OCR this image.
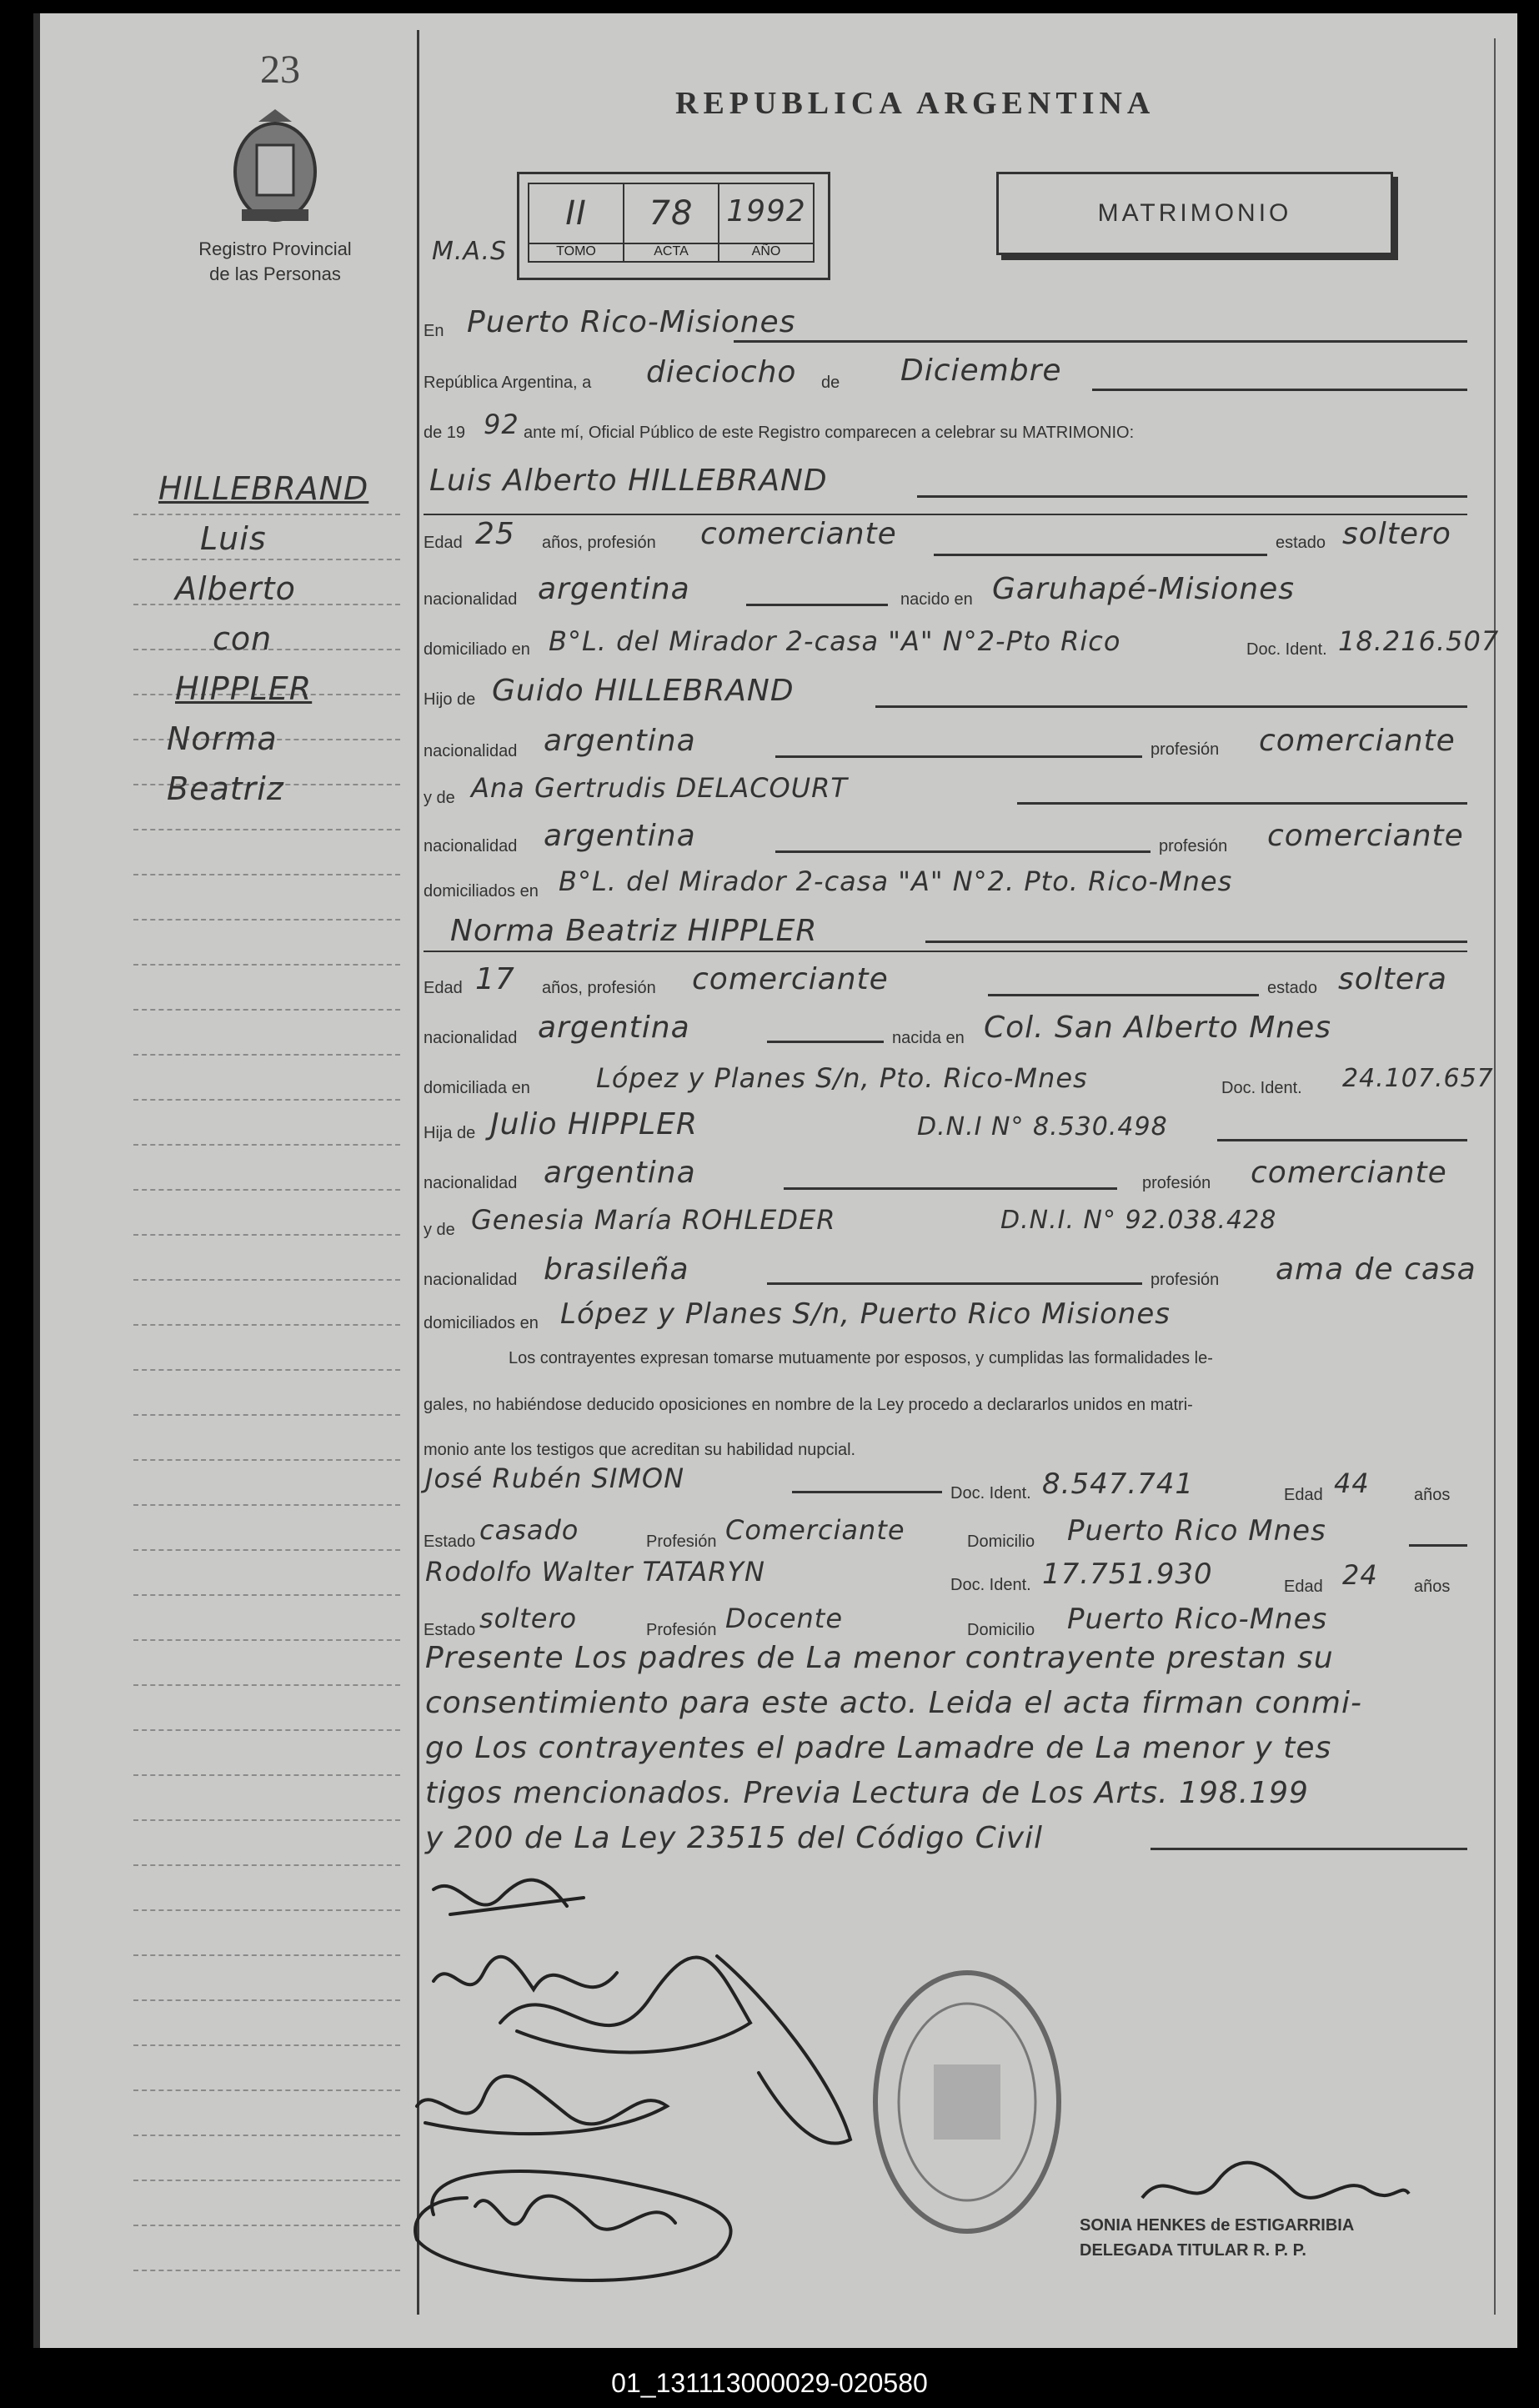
23
Registro Provincial
de las Personas
REPUBLICA ARGENTINA
M.A.S
II
TOMO
78
ACTA
1992
AÑO
MATRIMONIO
HILLEBRAND
Luis
Alberto
con
HIPPLER
Norma
Beatriz
En Puerto Rico-Misiones
República Argentina, a dieciocho de Diciembre
de 19 92 ante mí, Oficial Público de este Registro comparecen a celebrar su MATRIMONIO:
Luis Alberto HILLEBRAND
Edad 25 años, profesión comerciante	estado soltero
nacionalidad argentina	nacido en Garuhapé-Misiones
domiciliado en B°L. del Mirador 2-casa "A" N°2-Pto Rico	Doc. Ident. 18.216.507
Hijo de Guido HILLEBRAND
nacionalidad argentina	profesión comerciante
y de Ana Gertrudis DELACOURT
nacionalidad argentina	profesión comerciante
domiciliados en B°L. del Mirador 2-casa "A" N°2. Pto. Rico-Mnes
Norma Beatriz HIPPLER
Edad 17 años, profesión comerciante	estado soltera
nacionalidad argentina	nacida en Col. San Alberto Mnes
domiciliada en López y Planes S/n, Pto. Rico-Mnes	Doc. Ident. 24.107.657
Hija de Julio HIPPLER	D.N.I N° 8.530.498
nacionalidad argentina	profesión comerciante
y de Genesia María ROHLEDER	D.N.I. N° 92.038.428
nacionalidad brasileña	profesión ama de casa
domiciliados en López y Planes S/n, Puerto Rico Misiones
Los contrayentes expresan tomarse mutuamente por esposos, y cumplidas las formalidades le-
gales, no habiéndose deducido oposiciones en nombre de la Ley procedo a declararlos unidos en matri-
monio ante los testigos que acreditan su habilidad nupcial.
José Rubén SIMON	Doc. Ident. 8.547.741	Edad 44	años
Estado casado	Profesión Comerciante	Domicilio Puerto Rico Mnes
Rodolfo Walter TATARYN	Doc. Ident. 17.751.930	Edad 24 años
Estado soltero	Profesión Docente	Domicilio Puerto Rico-Mnes
Presente Los padres de La menor contrayente prestan su
consentimiento para este acto. Leida el acta firman conmi-
go Los contrayentes el padre Lamadre de La menor y tes
tigos mencionados. Previa Lectura de Los Arts. 198.199
y 200 de La Ley 23515 del Código Civil
SONIA HENKES de ESTIGARRIBIA
DELEGADA TITULAR R. P. P.
01_131113000029-020580
